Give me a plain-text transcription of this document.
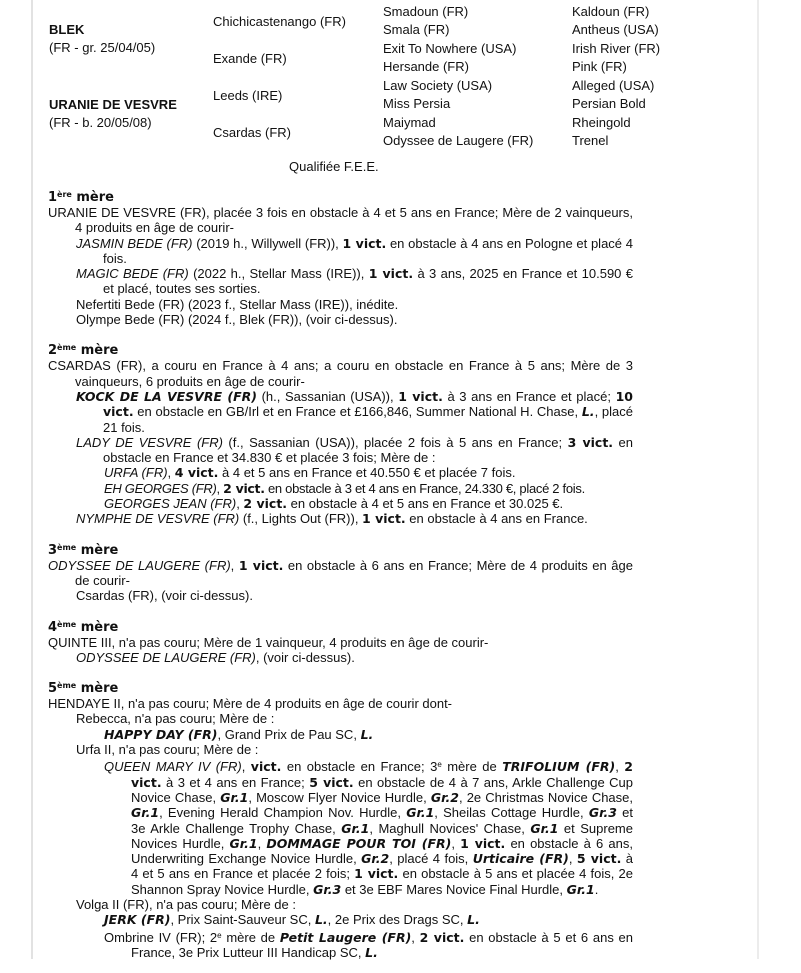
BLEK
(FR - gr. 25/04/05)
URANIE DE VESVRE
(FR - b. 20/05/08)
Chichicastenango (FR)
Exande (FR)
Leeds (IRE)
Csardas (FR)
Smadoun (FR)
Smala (FR)
Exit To Nowhere (USA)
Hersande (FR)
Law Society (USA)
Miss Persia
Maiymad
Odyssee de Laugere (FR)
Kaldoun (FR)
Antheus (USA)
Irish River (FR)
Pink (FR)
Alleged (USA)
Persian Bold
Rheingold
Trenel
Qualifiée F.E.E.
1ère mère

URANIE DE VESVRE (FR), placée 3 fois en obstacle à 4 et 5 ans en France; Mère de 2 vainqueurs, 4 produits en âge de courir-

JASMIN BEDE (FR) (2019 h., Willywell (FR)), 1 vict. en obstacle à 4 ans en Pologne et placé 4 fois.

MAGIC BEDE (FR) (2022 h., Stellar Mass (IRE)), 1 vict. à 3 ans, 2025 en France et 10.590 € et placé, toutes ses sorties.

Nefertiti Bede (FR) (2023 f., Stellar Mass (IRE)), inédite.

Olympe Bede (FR) (2024 f., Blek (FR)), (voir ci-dessus).

2ème mère

CSARDAS (FR), a couru en France à 4 ans; a couru en obstacle en France à 5 ans; Mère de 3 vainqueurs, 6 produits en âge de courir-

KOCK DE LA VESVRE (FR) (h., Sassanian (USA)), 1 vict. à 3 ans en France et placé; 10 vict. en obstacle en GB/Irl et en France et £166,846, Summer National H. Chase, L., placé 21 fois.

LADY DE VESVRE (FR) (f., Sassanian (USA)), placée 2 fois à 5 ans en France; 3 vict. en obstacle en France et 34.830 € et placée 3 fois; Mère de :

URFA (FR), 4 vict. à 4 et 5 ans en France et 40.550 € et placée 7 fois.

EH GEORGES (FR), 2 vict. en obstacle à 3 et 4 ans en France, 24.330 €, placé 2 fois.

GEORGES JEAN (FR), 2 vict. en obstacle à 4 et 5 ans en France et 30.025 €.

NYMPHE DE VESVRE (FR) (f., Lights Out (FR)), 1 vict. en obstacle à 4 ans en France.

3ème mère

ODYSSEE DE LAUGERE (FR), 1 vict. en obstacle à 6 ans en France; Mère de 4 produits en âge de courir-

Csardas (FR), (voir ci-dessus).

4ème mère

QUINTE III, n'a pas couru; Mère de 1 vainqueur, 4 produits en âge de courir-

ODYSSEE DE LAUGERE (FR), (voir ci-dessus).

5ème mère

HENDAYE II, n'a pas couru; Mère de 4 produits en âge de courir dont-

Rebecca, n'a pas couru; Mère de :

HAPPY DAY (FR), Grand Prix de Pau SC, L.

Urfa II, n'a pas couru; Mère de :

QUEEN MARY IV (FR), vict. en obstacle en France; 3e mère de TRIFOLIUM (FR), 2 vict. à 3 et 4 ans en France; 5 vict. en obstacle de 4 à 7 ans, Arkle Challenge Cup Novice Chase, Gr.1, Moscow Flyer Novice Hurdle, Gr.2, 2e Christmas Novice Chase, Gr.1, Evening Herald Champion Nov. Hurdle, Gr.1, Sheilas Cottage Hurdle, Gr.3 et 3e Arkle Challenge Trophy Chase, Gr.1, Maghull Novices' Chase, Gr.1 et Supreme Novices Hurdle, Gr.1, DOMMAGE POUR TOI (FR), 1 vict. en obstacle à 6 ans, Underwriting Exchange Novice Hurdle, Gr.2, placé 4 fois, Urticaire (FR), 5 vict. à 4 et 5 ans en France et placée 2 fois; 1 vict. en obstacle à 5 ans et placée 4 fois, 2e Shannon Spray Novice Hurdle, Gr.3 et 3e EBF Mares Novice Final Hurdle, Gr.1.

Volga II (FR), n'a pas couru; Mère de :

JERK (FR), Prix Saint-Sauveur SC, L., 2e Prix des Drags SC, L.

Ombrine IV (FR); 2e mère de Petit Laugere (FR), 2 vict. en obstacle à 5 et 6 ans en France, 3e Prix Lutteur III Handicap SC, L.
